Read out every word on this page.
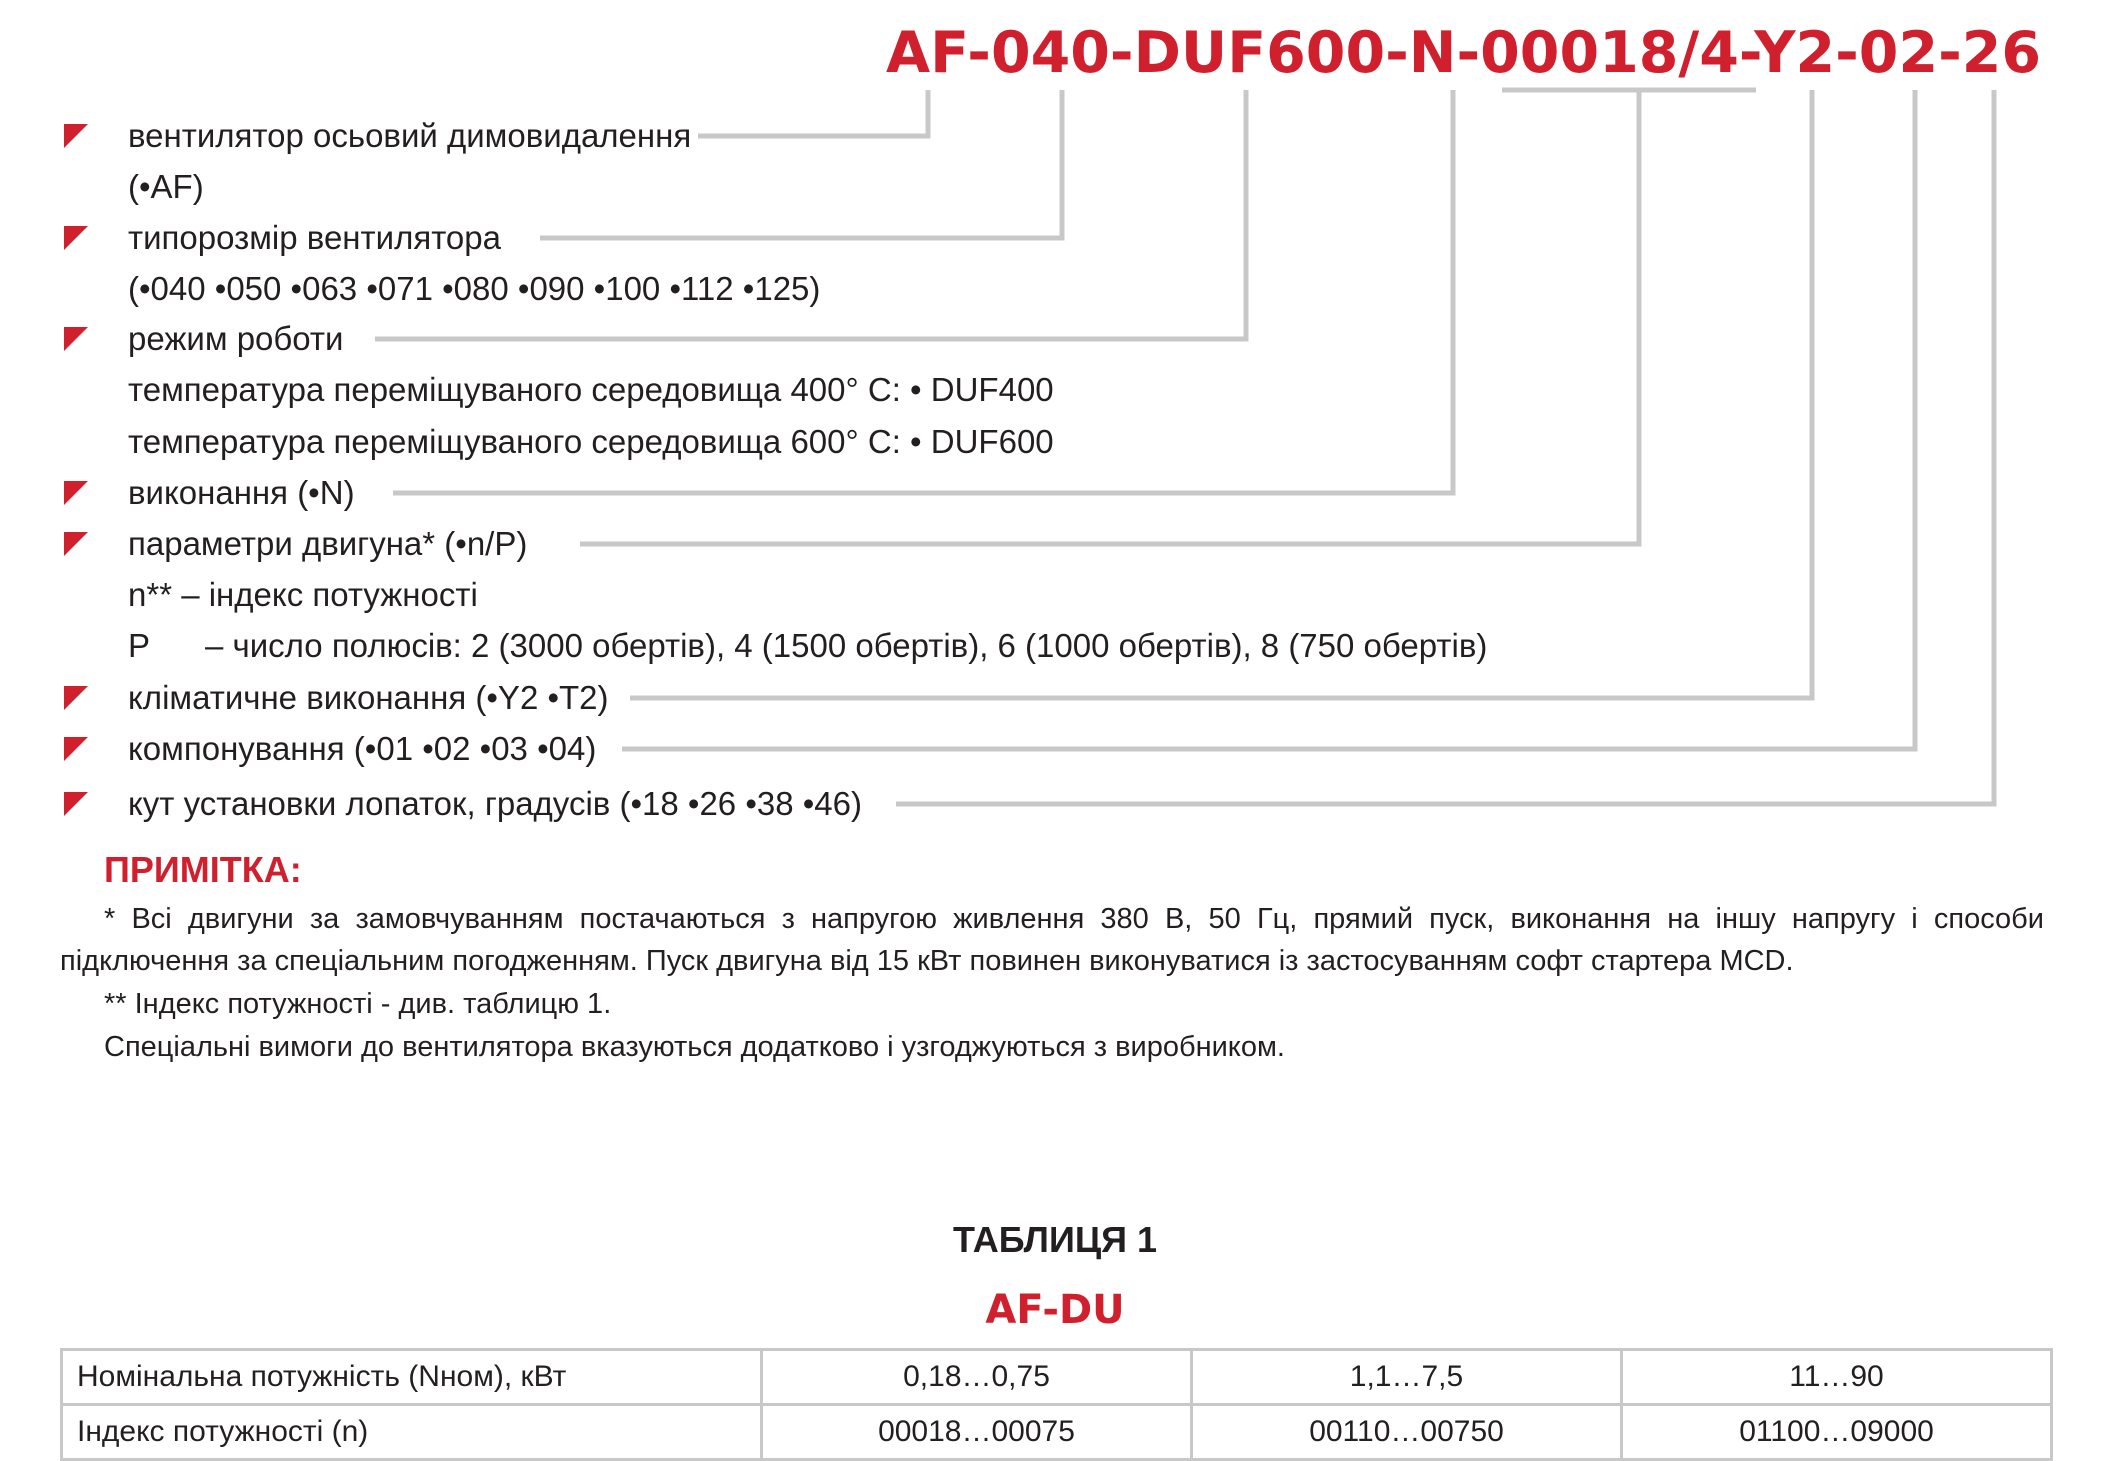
AF-040-DUF600-N-00018/4-Y2-02-26

вентилятор осьовий димовидалення

(•AF)

типорозмір вентилятора

(•040 •050 •063 •071 •080 •090 •100 •112 •125)

режим роботи

температура переміщуваного середовища 400° С: • DUF400

температура переміщуваного середовища 600° С: • DUF600

виконання (•N)

параметри двигуна* (•n/P)

n** – індекс потужності

Р      – число полюсів: 2 (3000 обертів), 4 (1500 обертів), 6 (1000 обертів), 8 (750 обертів)

кліматичне виконання (•Y2 •T2)

компонування (•01 •02 •03 •04)

кут установки лопаток, градусів (•18 •26 •38 •46)

ПРИМІТКА:

* Всі двигуни за замовчуванням постачаються з напругою живлення 380 В, 50 Гц, прямий пуск, виконання на іншу напругу і способи

підключення за спеціальним погодженням. Пуск двигуна від 15 кВт повинен виконуватися із застосуванням софт стартера МСD.

** Індекс потужності - див. таблицю 1.

Спеціальні вимоги до вентилятора вказуються додатково і узгоджуються з виробником.

ТАБЛИЦЯ 1
AF-DU
Номінальна потужність (Nном), кВт	0,18…0,75	1,1…7,5	11…90
Індекс потужності (n)	00018…00075	00110…00750	01100…09000
